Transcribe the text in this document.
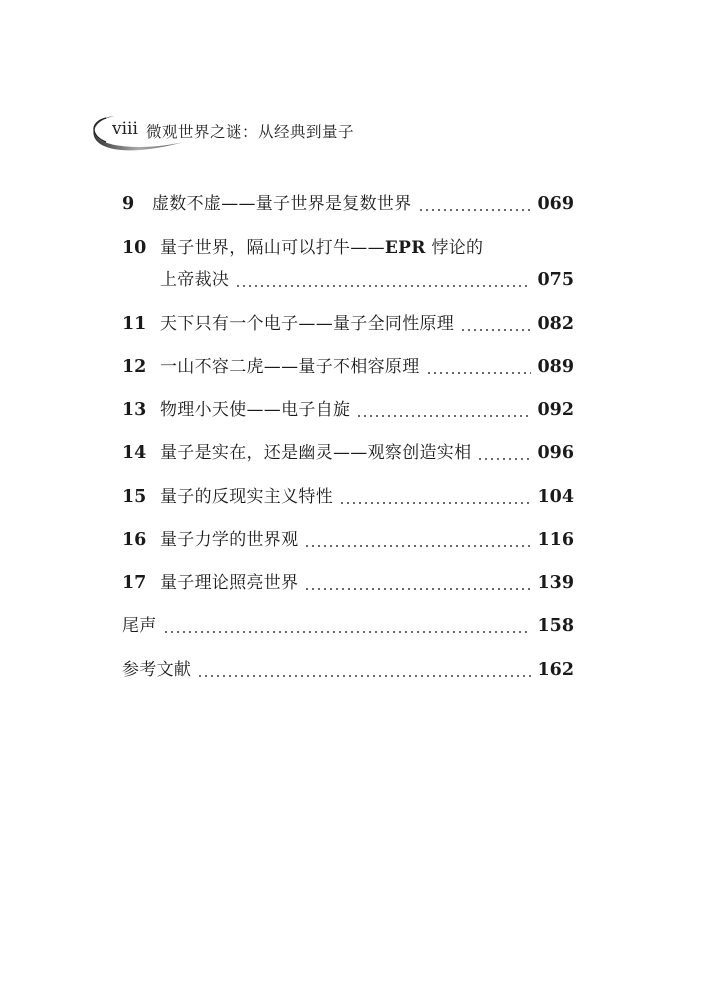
viii 微观世界之谜：从经典到量子
9	虚数不虚——量子世界是复数世界	069
10 量子世界，隔山可以打牛——EPR 悖论的
上帝裁决	075
11 天下只有一个电子——量子全同性原理	082
12 一山不容二虎——量子不相容原理	089
13 物理小天使——电子自旋	092
14 量子是实在，还是幽灵——观察创造实相	096
15 量子的反现实主义特性	104
16 量子力学的世界观	116
17 量子理论照亮世界	139
尾声	158
参考文献	162
